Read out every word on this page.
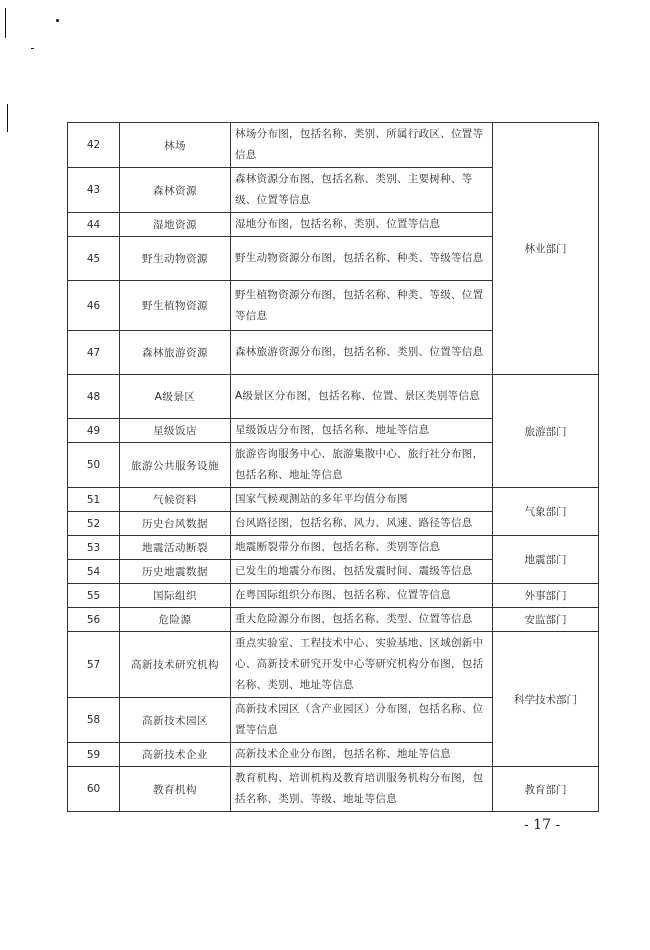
42	林场	林场分布图，包括名称、类别、所属行政区、位置等信息	林业部门
43	森林资源	森林资源分布图，包括名称、类别、主要树种、等级、位置等信息	
44	湿地资源	湿地分布图，包括名称、类别、位置等信息	
45	野生动物资源	野生动物资源分布图，包括名称、种类、等级等信息	
46	野生植物资源	野生植物资源分布图，包括名称、种类、等级、位置等信息	
47	森林旅游资源	森林旅游资源分布图，包括名称、类别、位置等信息	
48	A级景区	A级景区分布图，包括名称、位置、景区类别等信息	旅游部门
49	星级饭店	星级饭店分布图，包括名称、地址等信息	
50	旅游公共服务设施	旅游咨询服务中心、旅游集散中心、旅行社分布图，包括名称、地址等信息	
51	气候资料	国家气候观测站的多年平均值分布图	气象部门
52	历史台风数据	台风路径图，包括名称、风力、风速、路径等信息	
53	地震活动断裂	地震断裂带分布图，包括名称、类别等信息	地震部门
54	历史地震数据	已发生的地震分布图，包括发震时间、震级等信息	
55	国际组织	在粤国际组织分布图，包括名称、位置等信息	外事部门
56	危险源	重大危险源分布图，包括名称、类型、位置等信息	安监部门
57	高新技术研究机构	重点实验室、工程技术中心、实验基地、区域创新中心、高新技术研究开发中心等研究机构分布图，包括名称、类别、地址等信息	科学技术部门
58	高新技术园区	高新技术园区（含产业园区）分布图，包括名称、位置等信息	
59	高新技术企业	高新技术企业分布图，包括名称、地址等信息	
60	教育机构	教育机构、培训机构及教育培训服务机构分布图，包括名称、类别、等级、地址等信息	教育部门
- 17 -
